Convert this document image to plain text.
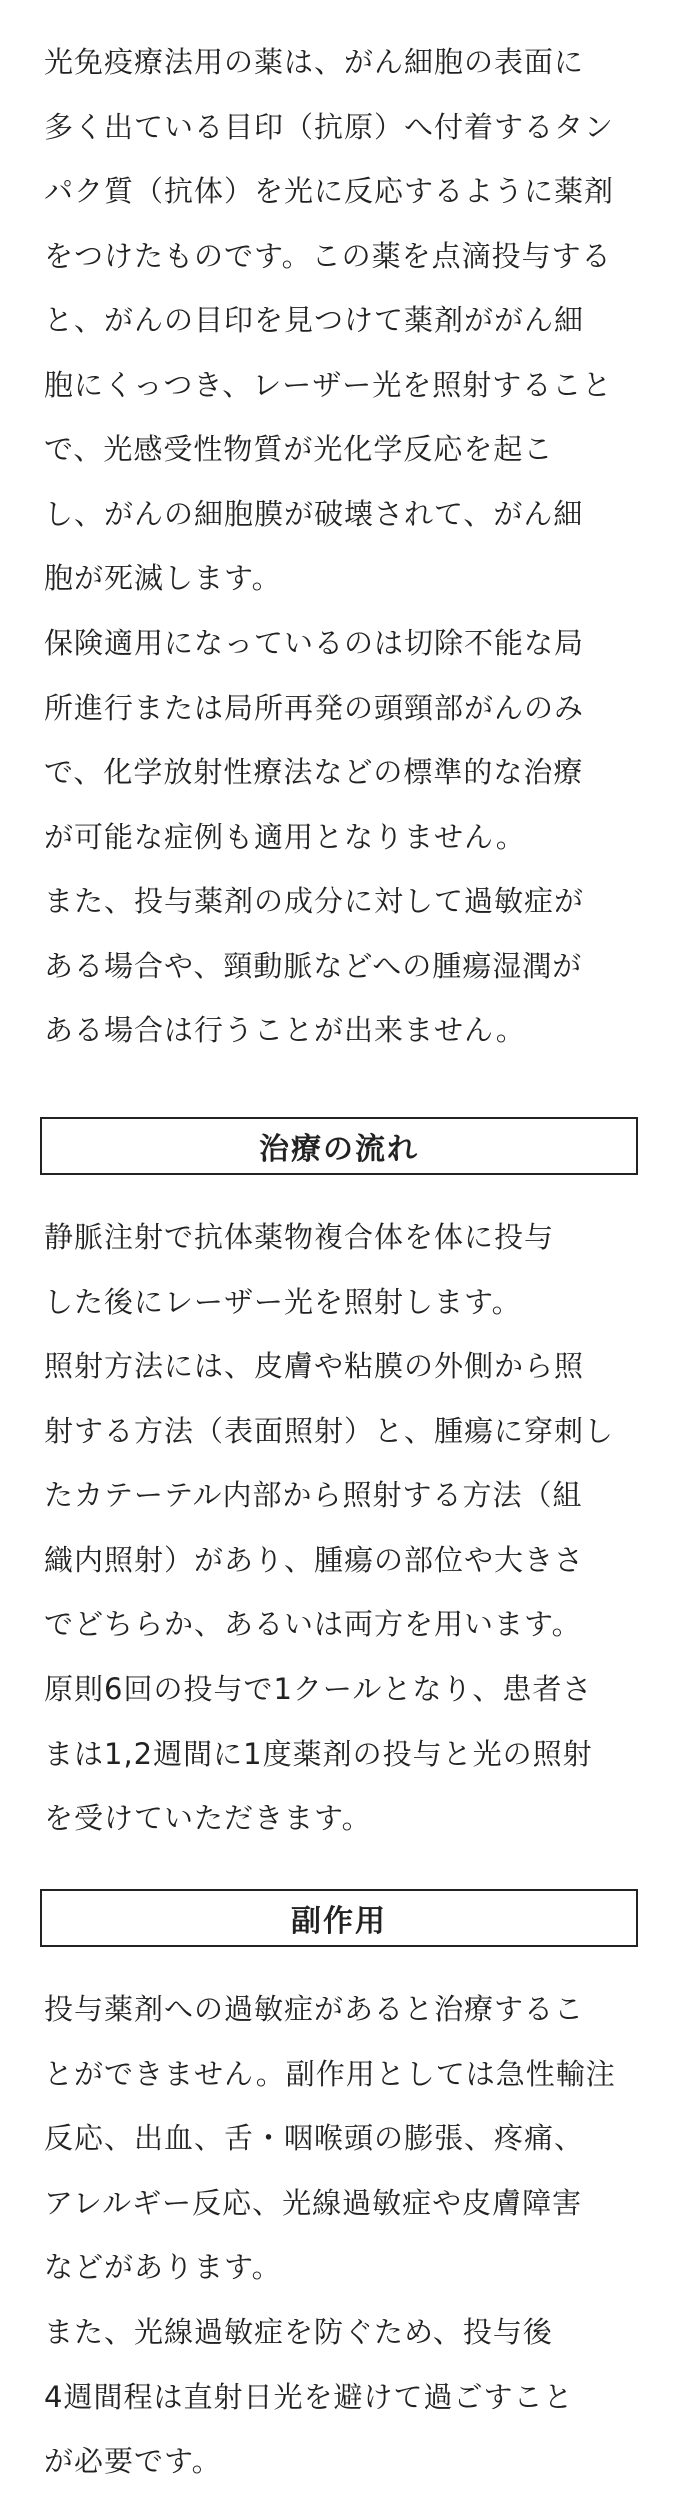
光免疫療法用の薬は、がん細胞の表面に
多く出ている目印（抗原）へ付着するタン
パク質（抗体）を光に反応するように薬剤
をつけたものです。この薬を点滴投与する
と、がんの目印を見つけて薬剤ががん細
胞にくっつき、レーザー光を照射すること
で、光感受性物質が光化学反応を起こ
し、がんの細胞膜が破壊されて、がん細
胞が死滅します。

保険適用になっているのは切除不能な局
所進行または局所再発の頭頸部がんのみ
で、化学放射性療法などの標準的な治療
が可能な症例も適用となりません。

また、投与薬剤の成分に対して過敏症が
ある場合や、頸動脈などへの腫瘍湿潤が
ある場合は行うことが出来ません。

治療の流れ

静脈注射で抗体薬物複合体を体に投与
した後にレーザー光を照射します。

照射方法には、皮膚や粘膜の外側から照
射する方法（表面照射）と、腫瘍に穿刺し
たカテーテル内部から照射する方法（組
織内照射）があり、腫瘍の部位や大きさ
でどちらか、あるいは両方を用います。

原則6回の投与で1クールとなり、患者さ
まは1,2週間に1度薬剤の投与と光の照射
を受けていただきます。

副作用

投与薬剤への過敏症があると治療するこ
とができません。副作用としては急性輸注
反応、出血、舌・咽喉頭の膨張、疼痛、
アレルギー反応、光線過敏症や皮膚障害
などがあります。

また、光線過敏症を防ぐため、投与後
4週間程は直射日光を避けて過ごすこと
が必要です。
